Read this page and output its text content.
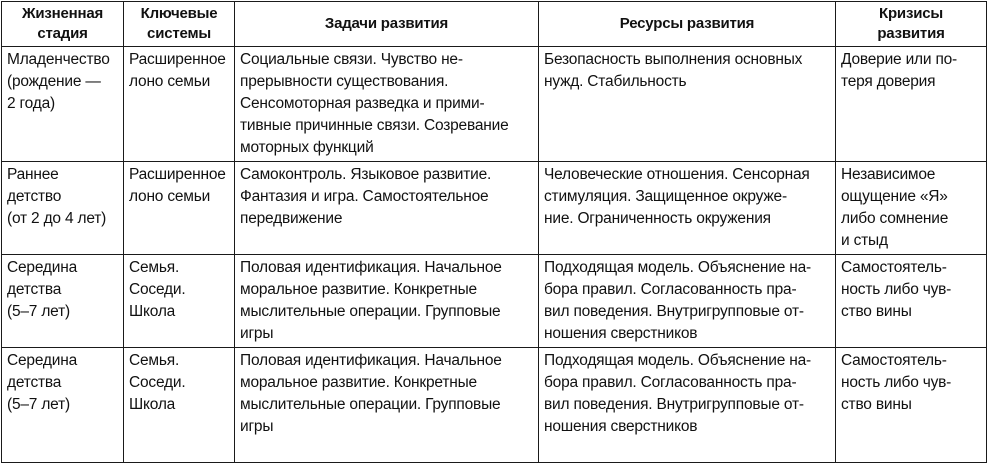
Жизненная
стадия	Ключевые
системы	Задачи развития	Ресурсы развития	Кризисы
развития

Младенчество
(рождение —
2 года)	Расширенное
лоно семьи	Социальные связи. Чувство не-
прерывности существования.
Сенсомоторная разведка и прими-
тивные причинные связи. Созревание
моторных функций	Безопасность выполнения основных
нужд. Стабильность	Доверие или по-
теря доверия

Раннее
детство
(от 2 до 4 лет)	Расширенное
лоно семьи	Самоконтроль. Языковое развитие.
Фантазия и игра. Самостоятельное
передвижение	Человеческие отношения. Сенсорная
стимуляция. Защищенное окруже-
ние. Ограниченность окружения	Независимое
ощущение «Я»
либо сомнение
и стыд

Середина
детства
(5–7 лет)	Семья.
Соседи.
Школа	Половая идентификация. Начальное
моральное развитие. Конкретные
мыслительные операции. Групповые
игры	Подходящая модель. Объяснение на-
бора правил. Согласованность пра-
вил поведения. Внутригрупповые от-
ношения сверстников	Самостоятель-
ность либо чув-
ство вины

Середина
детства
(5–7 лет)	Семья.
Соседи.
Школа	Половая идентификация. Начальное
моральное развитие. Конкретные
мыслительные операции. Групповые
игры	Подходящая модель. Объяснение на-
бора правил. Согласованность пра-
вил поведения. Внутригрупповые от-
ношения сверстников	Самостоятель-
ность либо чув-
ство вины
